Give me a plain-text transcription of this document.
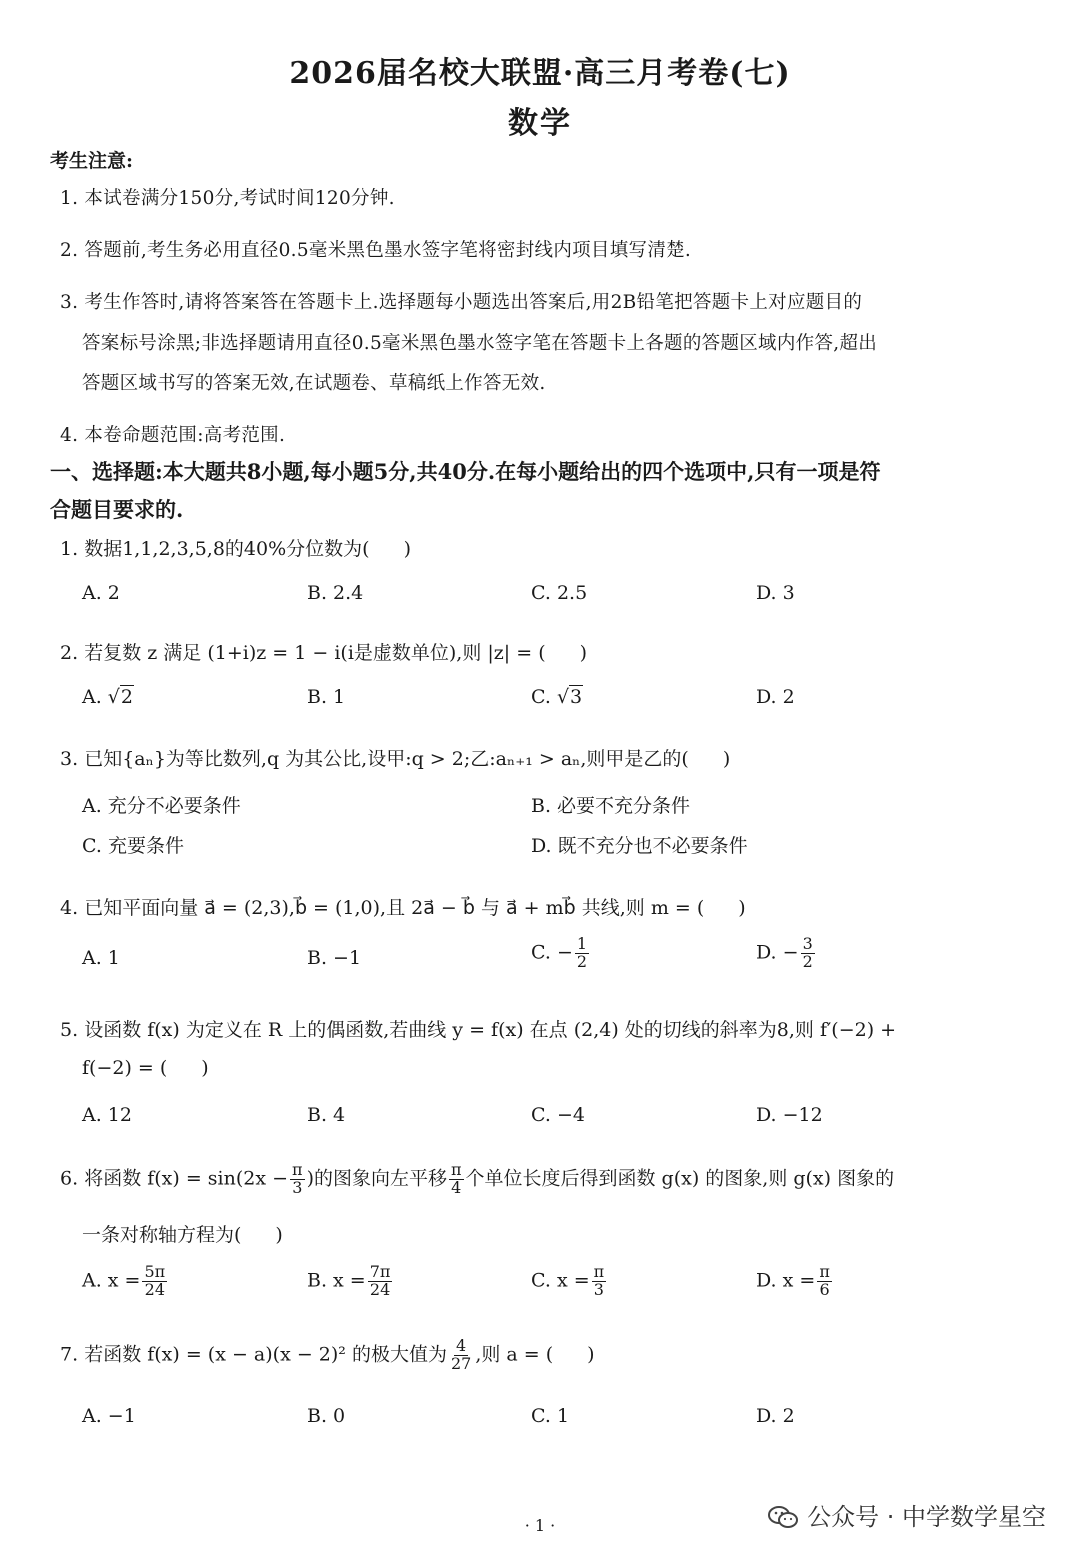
2026届名校大联盟·高三月考卷(七)
数学
考生注意:
1. 本试卷满分150分,考试时间120分钟.
2. 答题前,考生务必用直径0.5毫米黑色墨水签字笔将密封线内项目填写清楚.
3. 考生作答时,请将答案答在答题卡上.选择题每小题选出答案后,用2B铅笔把答题卡上对应题目的
答案标号涂黑;非选择题请用直径0.5毫米黑色墨水签字笔在答题卡上各题的答题区域内作答,超出
答题区域书写的答案无效,在试题卷、草稿纸上作答无效.
4. 本卷命题范围:高考范围.
一、选择题:本大题共8小题,每小题5分,共40分.在每小题给出的四个选项中,只有一项是符
合题目要求的.
1. 数据1,1,2,3,5,8的40%分位数为( )
A. 2	B. 2.4	C. 2.5	D. 3
2. 若复数 z 满足 (1+i)z = 1 − i(i是虚数单位),则 |z| = ( )
A. √2	B. 1	C. √3	D. 2
3. 已知{aₙ}为等比数列,q 为其公比,设甲:q > 2;乙:aₙ₊₁ > aₙ,则甲是乙的( )
A. 充分不必要条件	B. 必要不充分条件
C. 充要条件	D. 既不充分也不必要条件
4. 已知平面向量 a⃗ = (2,3),b⃗ = (1,0),且 2a⃗ − b⃗ 与 a⃗ + mb⃗ 共线,则 m = ( )
A. 1	B. −1	C. − $\frac{1}{2}$	D. − $\frac{3}{2}$
5. 设函数 f(x) 为定义在 R 上的偶函数,若曲线 y = f(x) 在点 (2,4) 处的切线的斜率为8,则 f′(−2) +
f(−2) = ( )
A. 12	B. 4	C. −4	D. −12
6. 将函数 $f(x) = \sin(2x - \frac{\pi}{3}$ )的图象向左平移 $\frac{\pi}{4}$ 个单位长度后得到函数 g(x) 的图象,则 g(x) 图象的
一条对称轴方程为( )
A. $x = \frac{5\pi}{24}$	B. $x = \frac{7\pi}{24}$	C. $x = \frac{\pi}{3}$	D. $x = \frac{\pi}{6}$
7. 若函数 f(x) = (x − a)(x − 2)² 的极大值为 $\frac{4}{27}$ ,则 a = ( )
A. −1	B. 0	C. 1	D. 2
· 1 ·	公众号 · 中学数学星空
